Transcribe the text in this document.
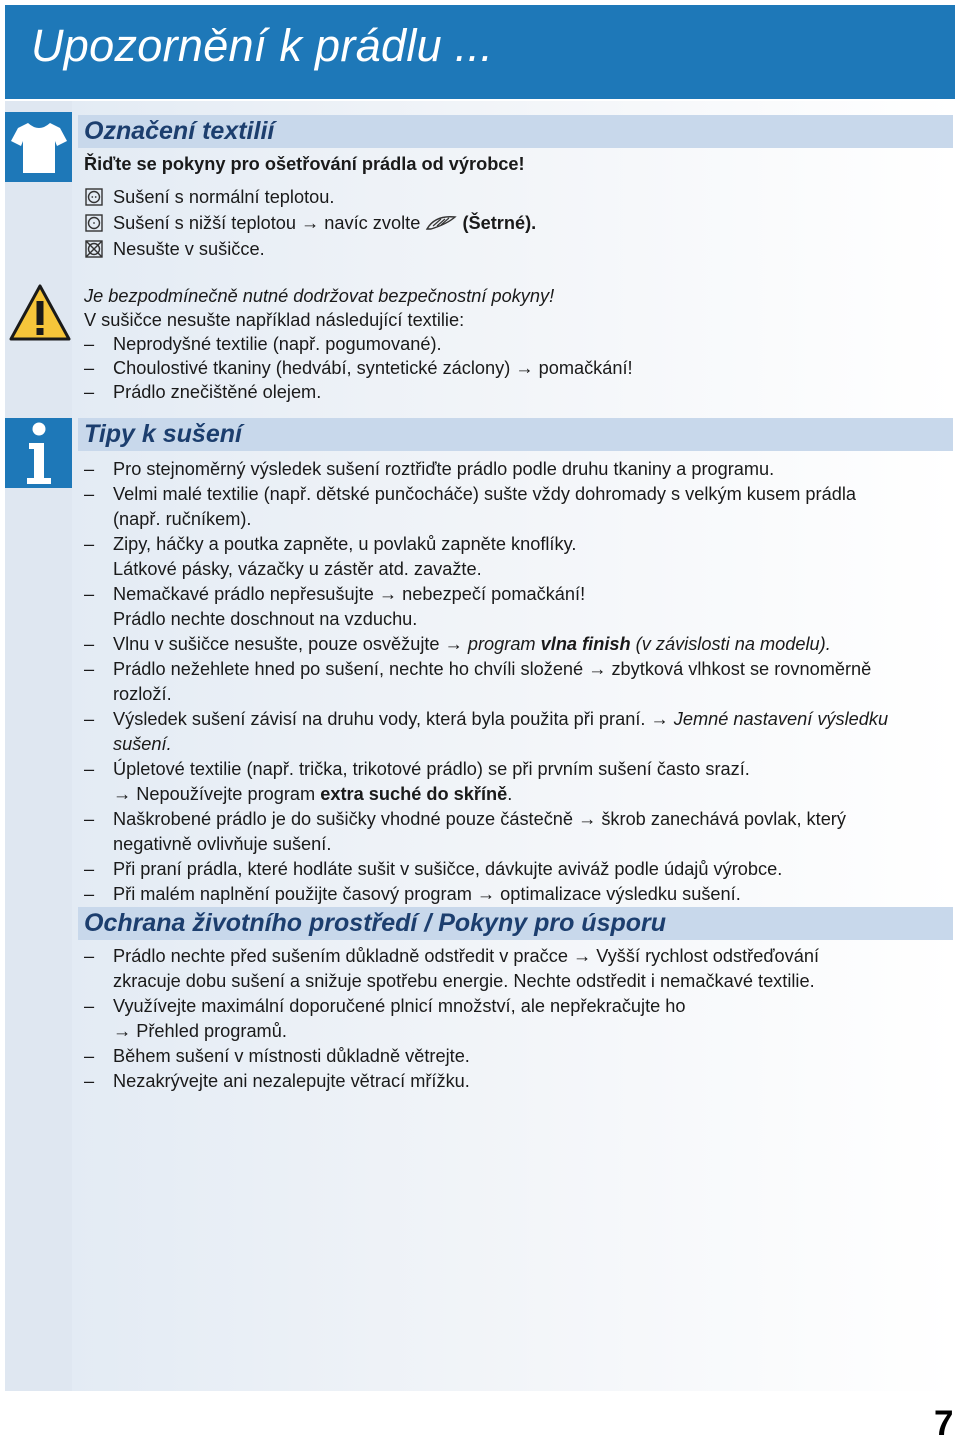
Upozornění k prádlu ...
Označení textilií
Řiďte se pokyny pro ošetřování prádla od výrobce!
Sušení s normální teplotou.
Sušení s nižší teplotou → navíc zvolte (Šetrné).
Nesušte v sušičce.
Je bezpodmínečně nutné dodržovat bezpečnostní pokyny!
V sušičce nesušte například následující textilie:
– Neprodyšné textilie (např. pogumované).
– Choulostivé tkaniny (hedvábí, syntetické záclony) → pomačkání!
– Prádlo znečištěné olejem.
Tipy k sušení
– Pro stejnoměrný výsledek sušení roztřiďte prádlo podle druhu tkaniny a programu.
– Velmi malé textilie (např. dětské punčocháče) sušte vždy dohromady s velkým kusem prádla
(např. ručníkem).
– Zipy, háčky a poutka zapněte, u povlaků zapněte knoflíky.
Látkové pásky, vázačky u zástěr atd. zavažte.
– Nemačkavé prádlo nepřesušujte → nebezpečí pomačkání!
Prádlo nechte doschnout na vzduchu.
– Vlnu v sušičce nesušte, pouze osvěžujte → program vlna finish (v závislosti na modelu).
– Prádlo nežehlete hned po sušení, nechte ho chvíli složené → zbytková vlhkost se rovnoměrně
rozloží.
– Výsledek sušení závisí na druhu vody, která byla použita při praní. → Jemné nastavení výsledku
sušení.
– Úpletové textilie (např. trička, trikotové prádlo) se při prvním sušení často srazí.
→ Nepoužívejte program extra suché do skříně.
– Naškrobené prádlo je do sušičky vhodné pouze částečně → škrob zanechává povlak, který
negativně ovlivňuje sušení.
– Při praní prádla, které hodláte sušit v sušičce, dávkujte aviváž podle údajů výrobce.
– Při malém naplnění použijte časový program → optimalizace výsledku sušení.
Ochrana životního prostředí / Pokyny pro úsporu
– Prádlo nechte před sušením důkladně odstředit v pračce → Vyšší rychlost odstřeďování
zkracuje dobu sušení a snižuje spotřebu energie. Nechte odstředit i nemačkavé textilie.
– Využívejte maximální doporučené plnicí množství, ale nepřekračujte ho
→ Přehled programů.
– Během sušení v místnosti důkladně větrejte.
– Nezakrývejte ani nezalepujte větrací mřížku.
7
